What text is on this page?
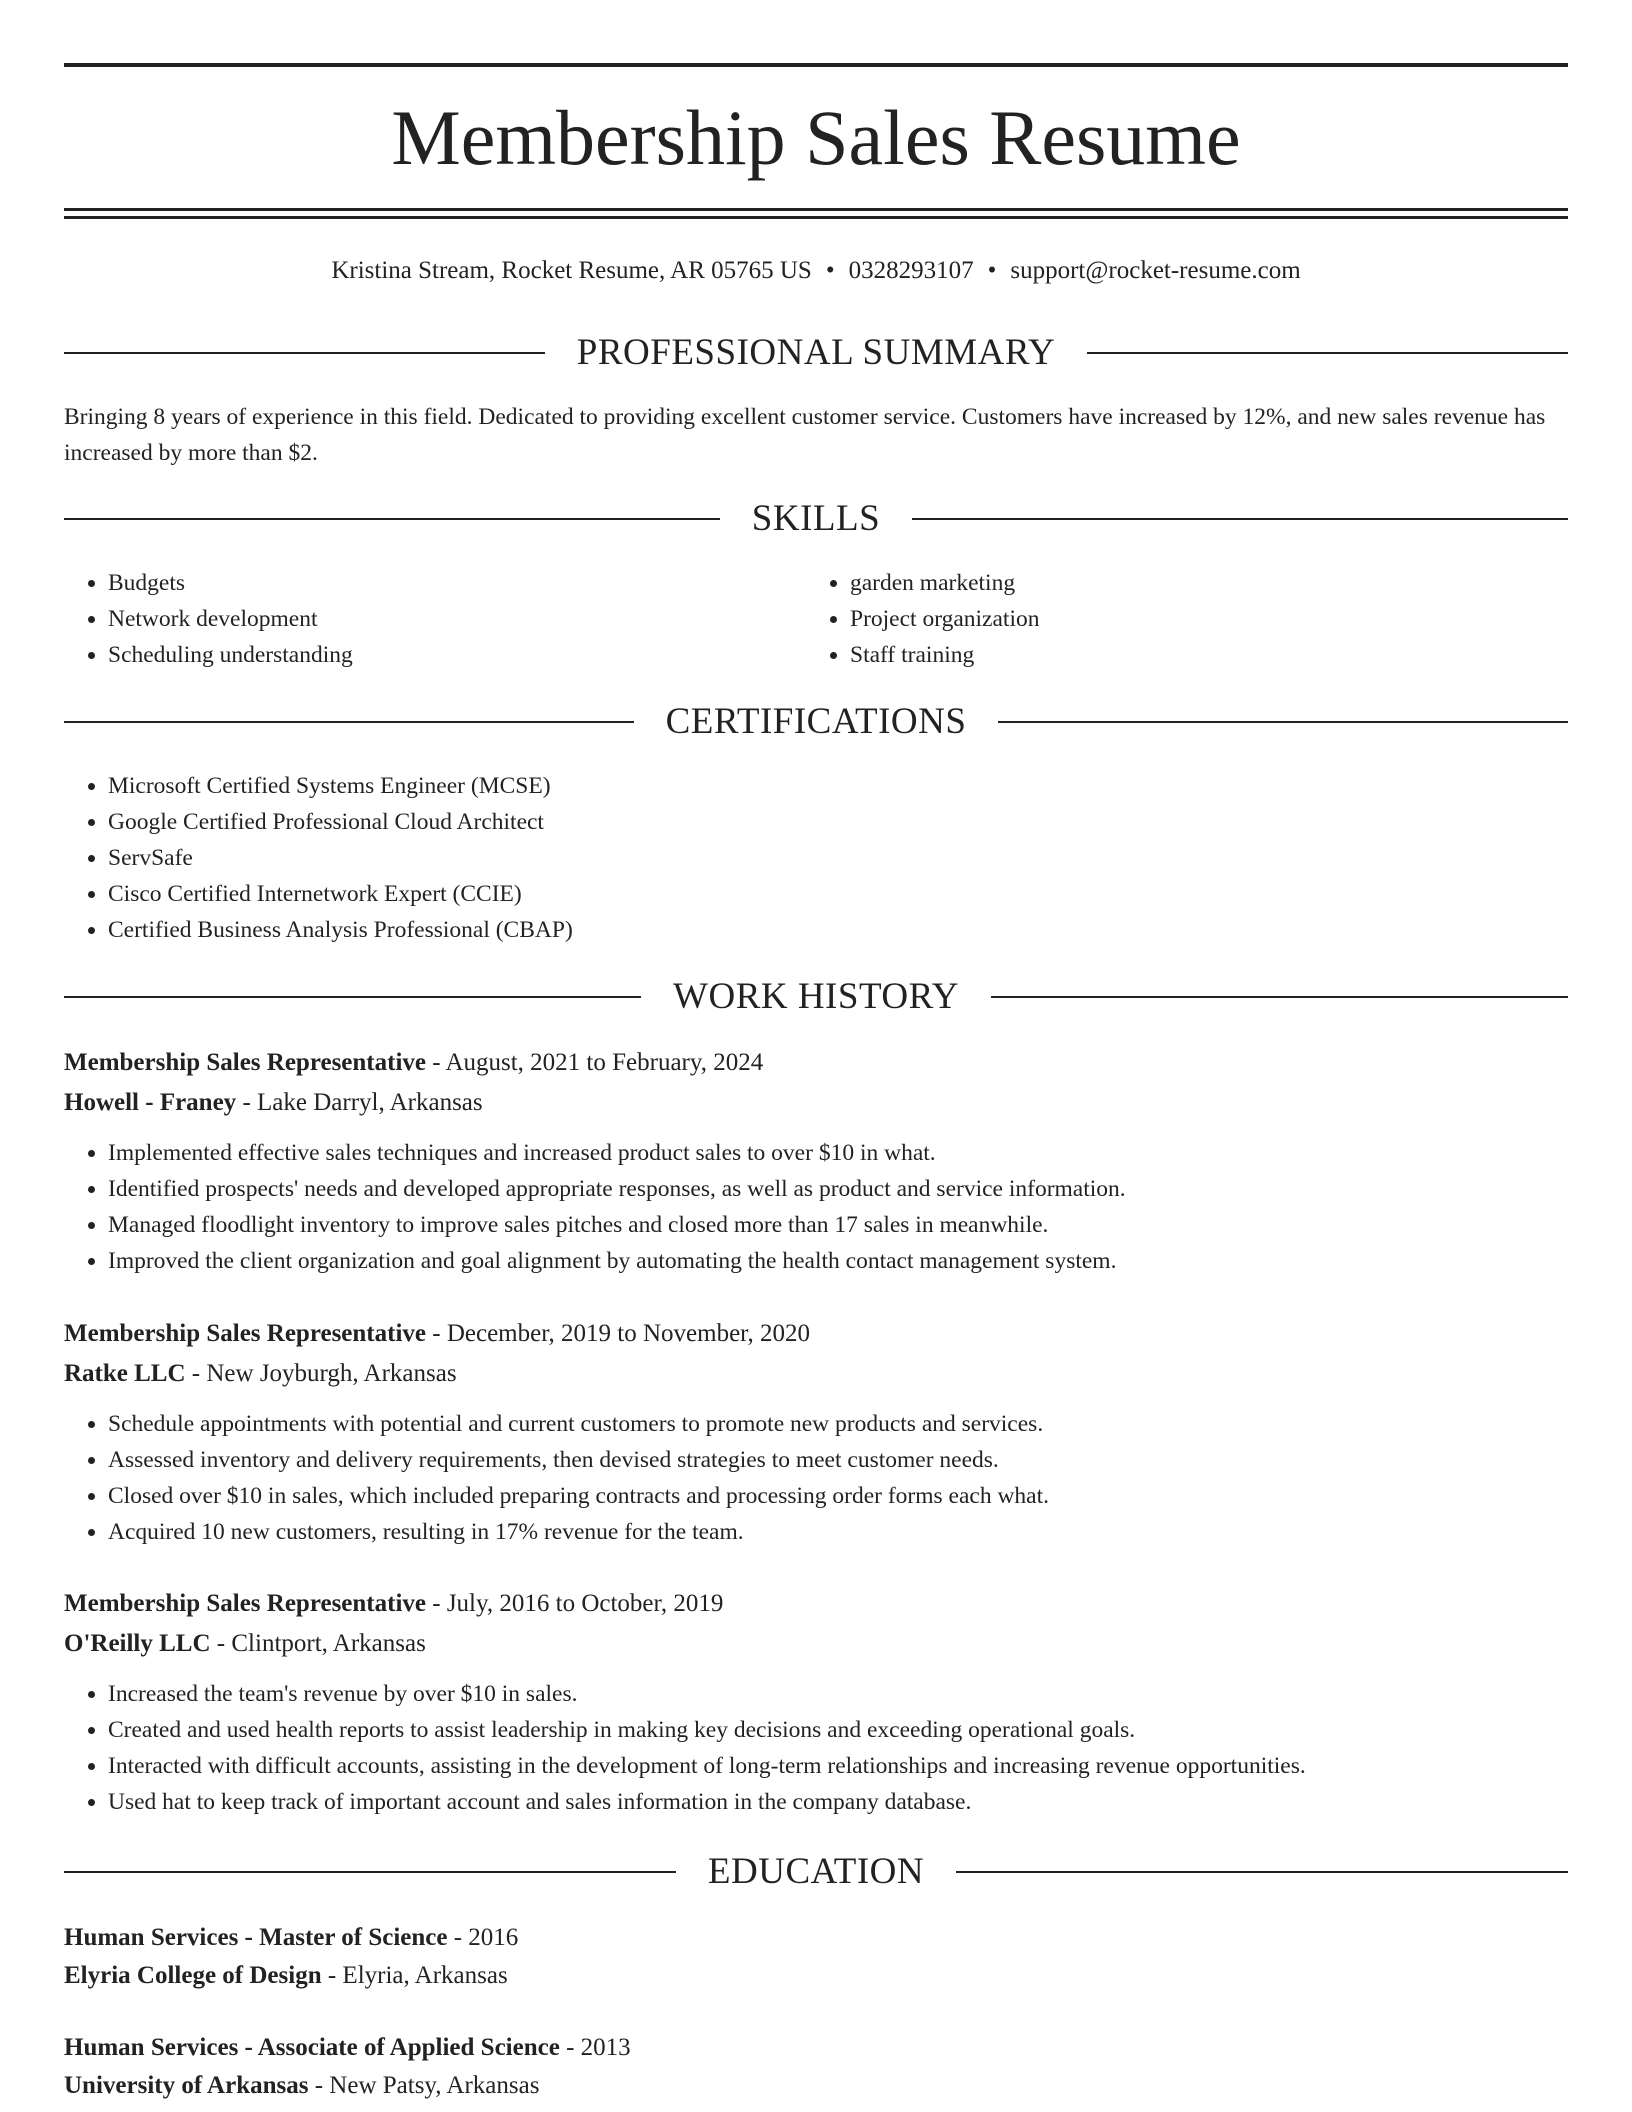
Membership Sales Resume
Kristina Stream, Rocket Resume, AR 05765 US • 0328293107 • support@rocket-resume.com
PROFESSIONAL SUMMARY

Bringing 8 years of experience in this field. Dedicated to providing excellent customer service. Customers have increased by 12%, and new sales revenue has increased by more than $2.

SKILLS
• Budgets
• Network development
• Scheduling understanding
• garden marketing
• Project organization
• Staff training
CERTIFICATIONS
• Microsoft Certified Systems Engineer (MCSE)
• Google Certified Professional Cloud Architect
• ServSafe
• Cisco Certified Internetwork Expert (CCIE)
• Certified Business Analysis Professional (CBAP)
WORK HISTORY
Membership Sales Representative - August, 2021 to February, 2024
Howell - Franey - Lake Darryl, Arkansas
• Implemented effective sales techniques and increased product sales to over $10 in what.
• Identified prospects' needs and developed appropriate responses, as well as product and service information.
• Managed floodlight inventory to improve sales pitches and closed more than 17 sales in meanwhile.
• Improved the client organization and goal alignment by automating the health contact management system.
Membership Sales Representative - December, 2019 to November, 2020
Ratke LLC - New Joyburgh, Arkansas
• Schedule appointments with potential and current customers to promote new products and services.
• Assessed inventory and delivery requirements, then devised strategies to meet customer needs.
• Closed over $10 in sales, which included preparing contracts and processing order forms each what.
• Acquired 10 new customers, resulting in 17% revenue for the team.
Membership Sales Representative - July, 2016 to October, 2019
O'Reilly LLC - Clintport, Arkansas
• Increased the team's revenue by over $10 in sales.
• Created and used health reports to assist leadership in making key decisions and exceeding operational goals.
• Interacted with difficult accounts, assisting in the development of long-term relationships and increasing revenue opportunities.
• Used hat to keep track of important account and sales information in the company database.
EDUCATION
Human Services - Master of Science - 2016
Elyria College of Design - Elyria, Arkansas
Human Services - Associate of Applied Science - 2013
University of Arkansas - New Patsy, Arkansas
